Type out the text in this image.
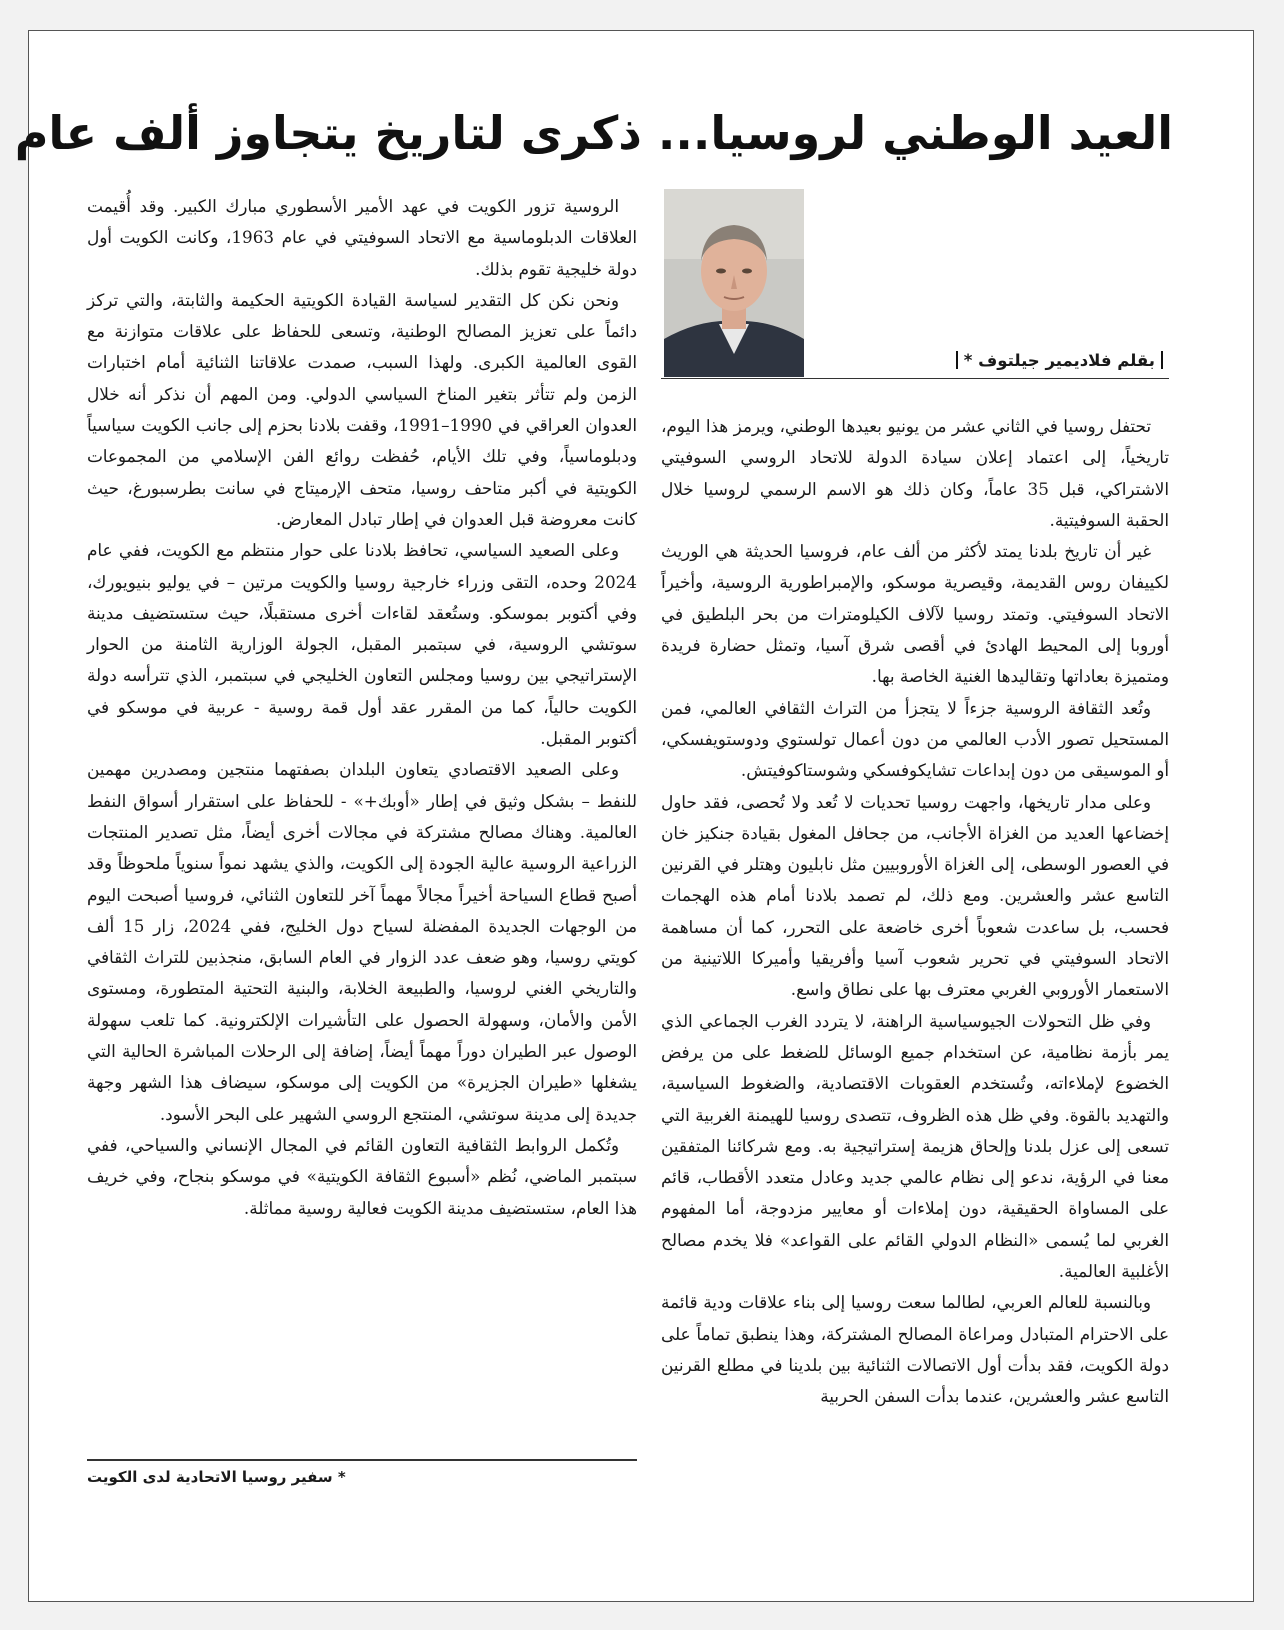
العيد الوطني لروسيا... ذكرى لتاريخ يتجاوز ألف عام
بقلم فلاديمير جيلتوف *

تحتفل روسيا في الثاني عشر من يونيو بعيدها الوطني، ويرمز هذا اليوم، تاريخياً، إلى اعتماد إعلان سيادة الدولة للاتحاد الروسي السوفيتي الاشتراكي، قبل 35 عاماً، وكان ذلك هو الاسم الرسمي لروسيا خلال الحقبة السوفيتية.

غير أن تاريخ بلدنا يمتد لأكثر من ألف عام، فروسيا الحديثة هي الوريث لكييفان روس القديمة، وقيصرية موسكو، والإمبراطورية الروسية، وأخيراً الاتحاد السوفيتي. وتمتد روسيا لآلاف الكيلومترات من بحر البلطيق في أوروبا إلى المحيط الهادئ في أقصى شرق آسيا، وتمثل حضارة فريدة ومتميزة بعاداتها وتقاليدها الغنية الخاصة بها.

وتُعد الثقافة الروسية جزءاً لا يتجزأ من التراث الثقافي العالمي، فمن المستحيل تصور الأدب العالمي من دون أعمال تولستوي ودوستويفسكي، أو الموسيقى من دون إبداعات تشايكوفسكي وشوستاكوفيتش.

وعلى مدار تاريخها، واجهت روسيا تحديات لا تُعد ولا تُحصى، فقد حاول إخضاعها العديد من الغزاة الأجانب، من جحافل المغول بقيادة جنكيز خان في العصور الوسطى، إلى الغزاة الأوروبيين مثل نابليون وهتلر في القرنين التاسع عشر والعشرين. ومع ذلك، لم تصمد بلادنا أمام هذه الهجمات فحسب، بل ساعدت شعوباً أخرى خاضعة على التحرر، كما أن مساهمة الاتحاد السوفيتي في تحرير شعوب آسيا وأفريقيا وأميركا اللاتينية من الاستعمار الأوروبي الغربي معترف بها على نطاق واسع.

وفي ظل التحولات الجيوسياسية الراهنة، لا يتردد الغرب الجماعي الذي يمر بأزمة نظامية، عن استخدام جميع الوسائل للضغط على من يرفض الخضوع لإملاءاته، وتُستخدم العقوبات الاقتصادية، والضغوط السياسية، والتهديد بالقوة. وفي ظل هذه الظروف، تتصدى روسيا للهيمنة الغربية التي تسعى إلى عزل بلدنا وإلحاق هزيمة إستراتيجية به. ومع شركائنا المتفقين معنا في الرؤية، ندعو إلى نظام عالمي جديد وعادل متعدد الأقطاب، قائم على المساواة الحقيقية، دون إملاءات أو معايير مزدوجة، أما المفهوم الغربي لما يُسمى «النظام الدولي القائم على القواعد» فلا يخدم مصالح الأغلبية العالمية.

وبالنسبة للعالم العربي، لطالما سعت روسيا إلى بناء علاقات ودية قائمة على الاحترام المتبادل ومراعاة المصالح المشتركة، وهذا ينطبق تماماً على دولة الكويت، فقد بدأت أول الاتصالات الثنائية بين بلدينا في مطلع القرنين التاسع عشر والعشرين، عندما بدأت السفن الحربية

الروسية تزور الكويت في عهد الأمير الأسطوري مبارك الكبير. وقد أُقيمت العلاقات الدبلوماسية مع الاتحاد السوفيتي في عام 1963، وكانت الكويت أول دولة خليجية تقوم بذلك.

ونحن نكن كل التقدير لسياسة القيادة الكويتية الحكيمة والثابتة، والتي تركز دائماً على تعزيز المصالح الوطنية، وتسعى للحفاظ على علاقات متوازنة مع القوى العالمية الكبرى. ولهذا السبب، صمدت علاقاتنا الثنائية أمام اختبارات الزمن ولم تتأثر بتغير المناخ السياسي الدولي. ومن المهم أن نذكر أنه خلال العدوان العراقي في 1990–1991، وقفت بلادنا بحزم إلى جانب الكويت سياسياً ودبلوماسياً، وفي تلك الأيام، حُفظت روائع الفن الإسلامي من المجموعات الكويتية في أكبر متاحف روسيا، متحف الإرميتاج في سانت بطرسبورغ، حيث كانت معروضة قبل العدوان في إطار تبادل المعارض.

وعلى الصعيد السياسي، تحافظ بلادنا على حوار منتظم مع الكويت، ففي عام 2024 وحده، التقى وزراء خارجية روسيا والكويت مرتين – في يوليو بنيويورك، وفي أكتوبر بموسكو. وستُعقد لقاءات أخرى مستقبلًا، حيث ستستضيف مدينة سوتشي الروسية، في سبتمبر المقبل، الجولة الوزارية الثامنة من الحوار الإستراتيجي بين روسيا ومجلس التعاون الخليجي في سبتمبر، الذي تترأسه دولة الكويت حالياً، كما من المقرر عقد أول قمة روسية - عربية في موسكو في أكتوبر المقبل.

وعلى الصعيد الاقتصادي يتعاون البلدان بصفتهما منتجين ومصدرين مهمين للنفط – بشكل وثيق في إطار «أوبك+» - للحفاظ على استقرار أسواق النفط العالمية. وهناك مصالح مشتركة في مجالات أخرى أيضاً، مثل تصدير المنتجات الزراعية الروسية عالية الجودة إلى الكويت، والذي يشهد نمواً سنوياً ملحوظاً وقد أصبح قطاع السياحة أخيراً مجالاً مهماً آخر للتعاون الثنائي، فروسيا أصبحت اليوم من الوجهات الجديدة المفضلة لسياح دول الخليج، ففي 2024، زار 15 ألف كويتي روسيا، وهو ضعف عدد الزوار في العام السابق، منجذبين للتراث الثقافي والتاريخي الغني لروسيا، والطبيعة الخلابة، والبنية التحتية المتطورة، ومستوى الأمن والأمان، وسهولة الحصول على التأشيرات الإلكترونية. كما تلعب سهولة الوصول عبر الطيران دوراً مهماً أيضاً، إضافة إلى الرحلات المباشرة الحالية التي يشغلها «طيران الجزيرة» من الكويت إلى موسكو، سيضاف هذا الشهر وجهة جديدة إلى مدينة سوتشي، المنتجع الروسي الشهير على البحر الأسود.

وتُكمل الروابط الثقافية التعاون القائم في المجال الإنساني والسياحي، ففي سبتمبر الماضي، نُظم «أسبوع الثقافة الكويتية» في موسكو بنجاح، وفي خريف هذا العام، ستستضيف مدينة الكويت فعالية روسية مماثلة.

* سفير روسيا الاتحادية لدى الكويت
